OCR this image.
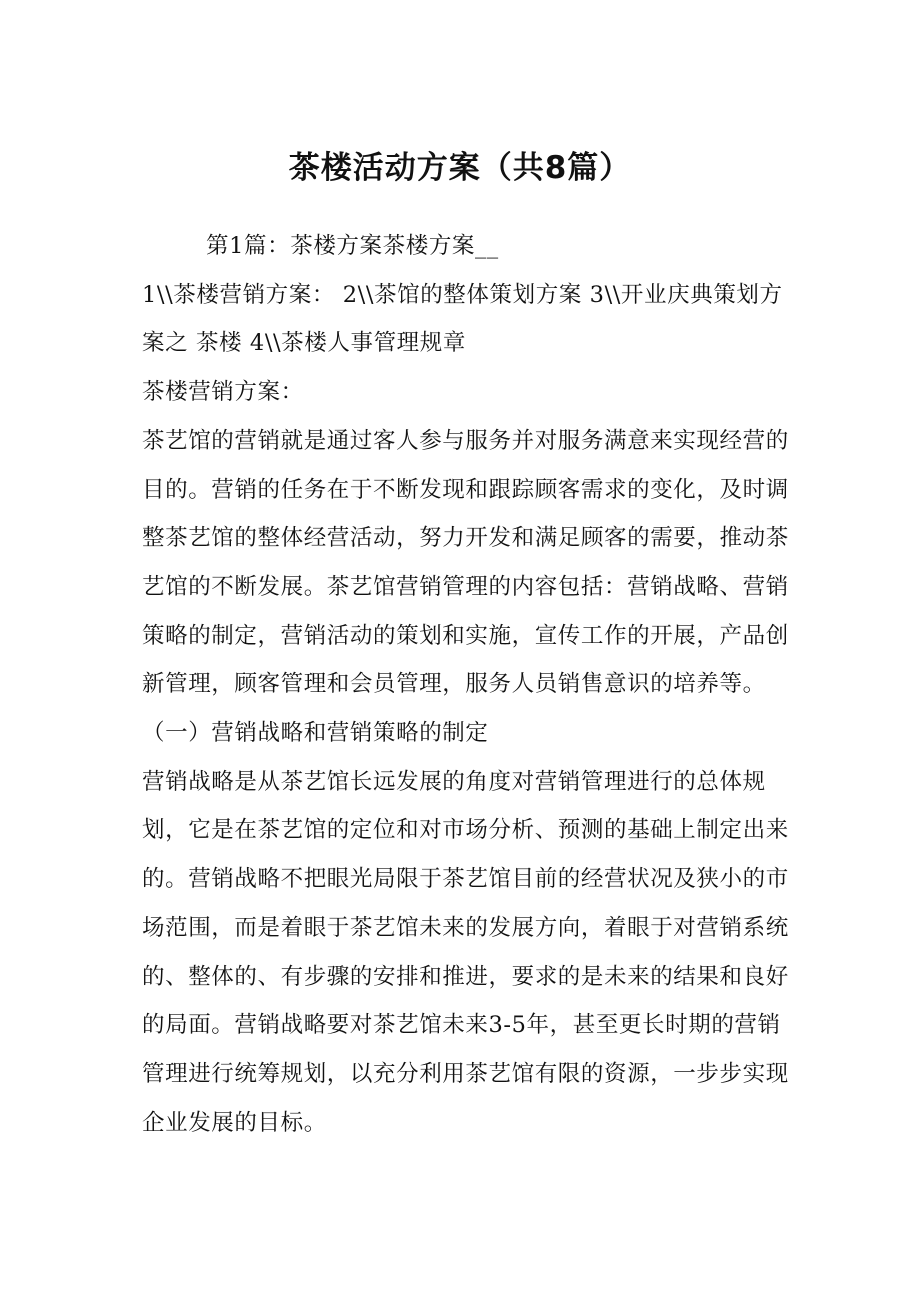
茶楼活动方案（共8篇）

第1篇：茶楼方案茶楼方案__

1\\茶楼营销方案： 2\\茶馆的整体策划方案 3\\开业庆典策划方案之 茶楼 4\\茶楼人事管理规章

茶楼营销方案：

茶艺馆的营销就是通过客人参与服务并对服务满意来实现经营的目的。营销的任务在于不断发现和跟踪顾客需求的变化，及时调整茶艺馆的整体经营活动，努力开发和满足顾客的需要，推动茶艺馆的不断发展。茶艺馆营销管理的内容包括：营销战略、营销策略的制定，营销活动的策划和实施，宣传工作的开展，产品创新管理，顾客管理和会员管理，服务人员销售意识的培养等。

（一）营销战略和营销策略的制定

营销战略是从茶艺馆长远发展的角度对营销管理进行的总体规划，它是在茶艺馆的定位和对市场分析、预测的基础上制定出来的。营销战略不把眼光局限于茶艺馆目前的经营状况及狭小的市场范围，而是着眼于茶艺馆未来的发展方向，着眼于对营销系统的、整体的、有步骤的安排和推进，要求的是未来的结果和良好的局面。营销战略要对茶艺馆未来3-5年，甚至更长时期的营销管理进行统筹规划，以充分利用茶艺馆有限的资源，一步步实现企业发展的目标。
